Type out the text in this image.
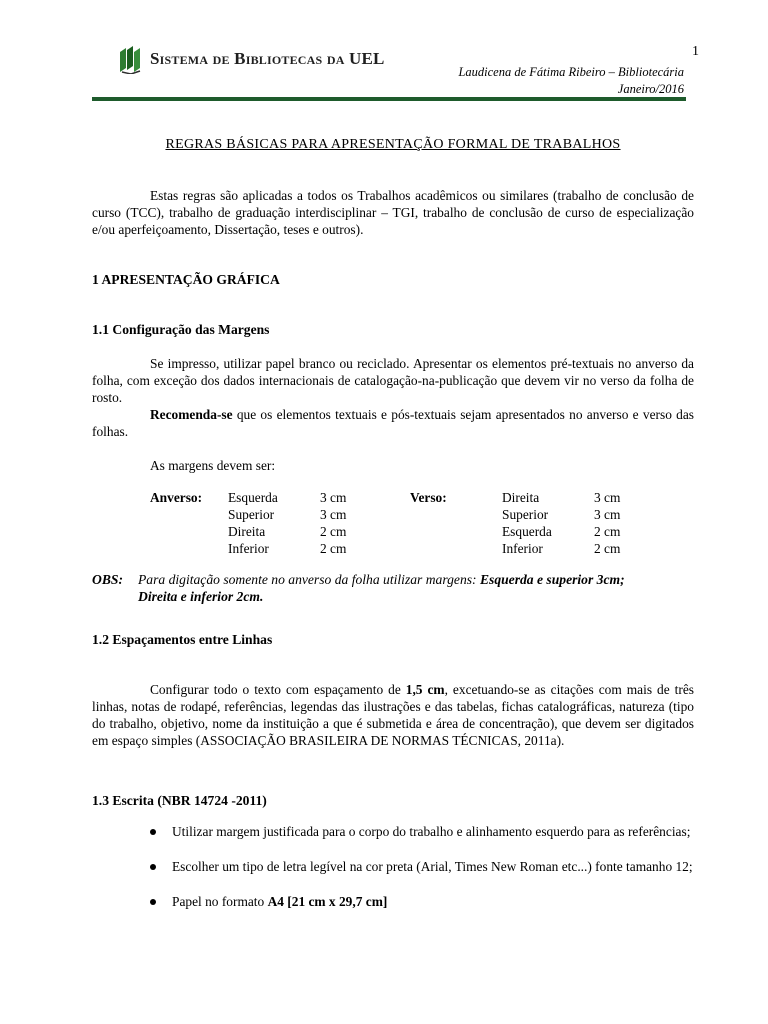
1
Sistema de Bibliotecas da UEL
Laudicena de Fátima Ribeiro – Bibliotecária
Janeiro/2016
REGRAS BÁSICAS PARA APRESENTAÇÃO FORMAL DE TRABALHOS
Estas regras são aplicadas a todos os Trabalhos acadêmicos ou similares (trabalho de conclusão de curso (TCC), trabalho de graduação interdisciplinar – TGI, trabalho de conclusão de curso de especialização e/ou aperfeiçoamento, Dissertação, teses e outros).
1 APRESENTAÇÃO GRÁFICA
1.1 Configuração das Margens
Se impresso, utilizar papel branco ou reciclado. Apresentar os elementos pré-textuais no anverso da folha, com exceção dos dados internacionais de catalogação-na-publicação que devem vir no verso da folha de rosto.
Recomenda-se que os elementos textuais e pós-textuais sejam apresentados no anverso e verso das folhas.
As margens devem ser:
Anverso:	Esquerda	3 cm	Verso:	Direita	3 cm
	Superior	3 cm		Superior	3 cm
	Direita	2 cm		Esquerda	2 cm
	Inferior	2 cm		Inferior	2 cm
OBS:	Para digitação somente no anverso da folha utilizar margens: Esquerda e superior 3cm;
Direita e inferior 2cm.
1.2 Espaçamentos entre Linhas
Configurar todo o texto com espaçamento de 1,5 cm, excetuando-se as citações com mais de três linhas, notas de rodapé, referências, legendas das ilustrações e das tabelas, fichas catalográficas, natureza (tipo do trabalho, objetivo, nome da instituição a que é submetida e área de concentração), que devem ser digitados em espaço simples (ASSOCIAÇÃO BRASILEIRA DE NORMAS TÉCNICAS, 2011a).
1.3 Escrita (NBR 14724 -2011)
Utilizar margem justificada para o corpo do trabalho e alinhamento esquerdo para as referências;
Escolher um tipo de letra legível na cor preta (Arial, Times New Roman etc...) fonte tamanho 12;
Papel no formato A4 [21 cm x 29,7 cm]
